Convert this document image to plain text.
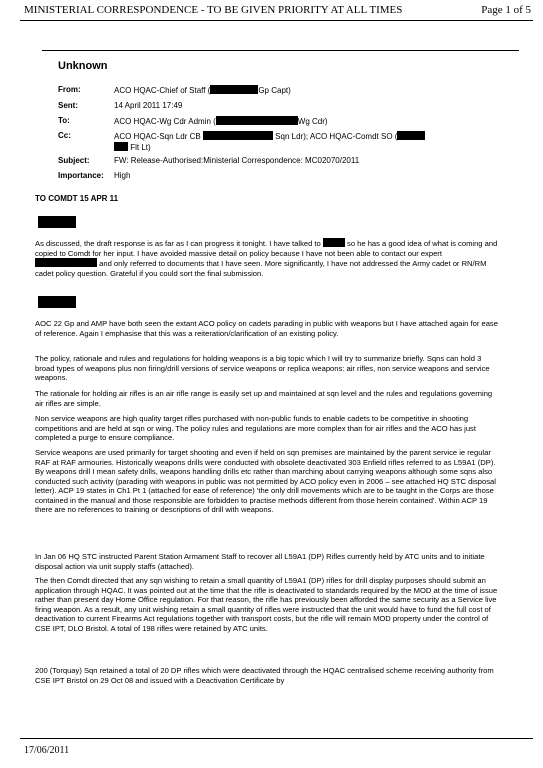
MINISTERIAL CORRESPONDENCE - TO BE GIVEN PRIORITY AT ALL TIMES	Page 1 of 5
Unknown
From:	ACO HQAC-Chief of Staff (	Gp Capt)
Sent:	14 April 2011 17:49
To:	ACO HQAC-Wg Cdr Admin (	Wg Cdr)
Cc:	ACO HQAC-Sqn Ldr CB	Sqn Ldr); ACO HQAC-Comdt SO (
Flt Lt)
Subject:	FW: Release-Authorised:Ministerial Correspondence: MC02070/2011
Importance: High
TO COMDT 15 APR 11

As discussed, the draft response is as far as I can progress it tonight. I have talked to	so he has a good idea of what is coming and copied to Comdt for her input. I have avoided massive detail on policy because I have not been able to contact our expert  and only referred to documents that I have seen. More significantly, I have not addressed the Army cadet or RN/RM cadet policy question. Grateful if you could sort the final submission.

AOC 22 Gp and AMP have both seen the extant ACO policy on cadets parading in public with weapons but I have attached again for ease of reference. Again I emphasise that this was a reiteration/clarification of an existing policy.

The policy, rationale and rules and regulations for holding weapons is a big topic which I will try to summarize briefly. Sqns can hold 3 broad types of weapons plus non firing/drill versions of service weapons or replica weapons: air rifles, non service weapons and service weapons.

The rationale for holding air rifles is an air rifle range is easily set up and maintained at sqn level and the rules and regulations governing air rifles are simple.

Non service weapons are high quality target rifles purchased with non-public funds to enable cadets to be competitive in shooting competitions and are held at sqn or wing. The policy rules and regulations are more complex than for air rifles and the ACO has just completed a purge to ensure compliance.

Service weapons are used primarily for target shooting and even if held on sqn premises are maintained by the parent service ie regular RAF at RAF armouries. Historically weapons drills were conducted with obsolete deactivated 303 Enfield rifles referred to as L59A1 (DP). By weapons drill I mean safety drills, weapons handling drills etc rather than marching about carrying weapons although some sqns also conducted such activity (parading with weapons in public was not permitted by ACO policy even in 2006 – see attached HQ STC disposal letter). ACP 19 states in Ch1 Pt 1 (attached for ease of reference) 'the only drill movements which are to be taught in the Corps are those contained in the manual and those responsible are forbidden to practise methods different from those herein contained'. Within ACP 19 there are no references to training or descriptions of drill with weapons.

In Jan 06 HQ STC instructed Parent Station Armament Staff to recover all L59A1 (DP) Rifles currently held by ATC units and to initiate disposal action via unit supply staffs (attached).

The then Comdt directed that any sqn wishing to retain a small quantity of L59A1 (DP) rifles for drill display purposes should submit an application through HQAC. It was pointed out at the time that the rifle is deactivated to standards required by the MOD at the time of issue rather than present day Home Office regulation. For that reason, the rifle has previously been afforded the same security as a Service live firing weapon. As a result, any unit wishing retain a small quantity of rifles were instructed that the unit would have to fund the full cost of deactivation to current Firearms Act regulations together with transport costs, but the rifle will remain MOD property under the control of CSE IPT, DLO Bristol. A total of 198 rifles were retained by ATC units.

200 (Torquay) Sqn retained a total of 20 DP rifles which were deactivated through the HQAC centralised scheme receiving authority from CSE IPT Bristol on 29 Oct 08 and issued with a Deactivation Certificate by

17/06/2011
